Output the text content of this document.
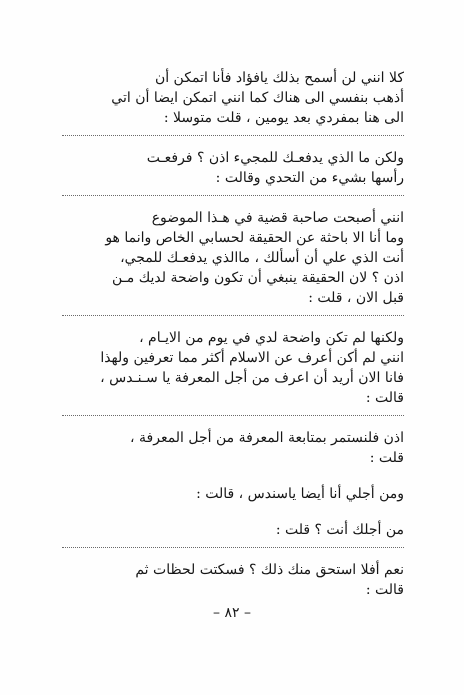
كلا انني لن أسمح بذلك يافؤاد فأنا اتمكن أن
أذهب بنفسي الى هناك كما انني اتمكن ايضا أن اتي
الى هنا بمفردي بعد يومين ، قلت متوسلا :
ولكن ما الذي يدفعـك للمجيء اذن ؟ فرفعـت
رأسها بشيء من التحدي وقالت :
انني أصبحت صاحبة قضية في هـذا الموضوع
وما أنا الا باحثة عن الحقيقة لحسابي الخاص وانما هو
أنت الذي علي أن أسألك ، ماالذي يدفعـك للمجي،
اذن ؟ لان الحقيقة ينبغي أن تكون واضحة لديك مـن
قبل الان ، قلت :
ولكنها لم تكن واضحة لدي في يوم من الايـام ،
انني لم أكن أعرف عن الاسلام أكثر مما تعرفين ولهذا
فانا الان أريد أن اعرف من أجل المعرفة يا سـنـدس ،
قالت :
اذن فلنستمر بمتابعة المعرفة من أجل المعرفة ،
قلت :
ومن أجلي أنا أيضا ياسندس ، قالت :
من أجلك أنت ؟ قلت :
نعم أفلا استحق منك ذلك ؟ فسكتت لحظات ثم
قالت :
– ٨٢ –
